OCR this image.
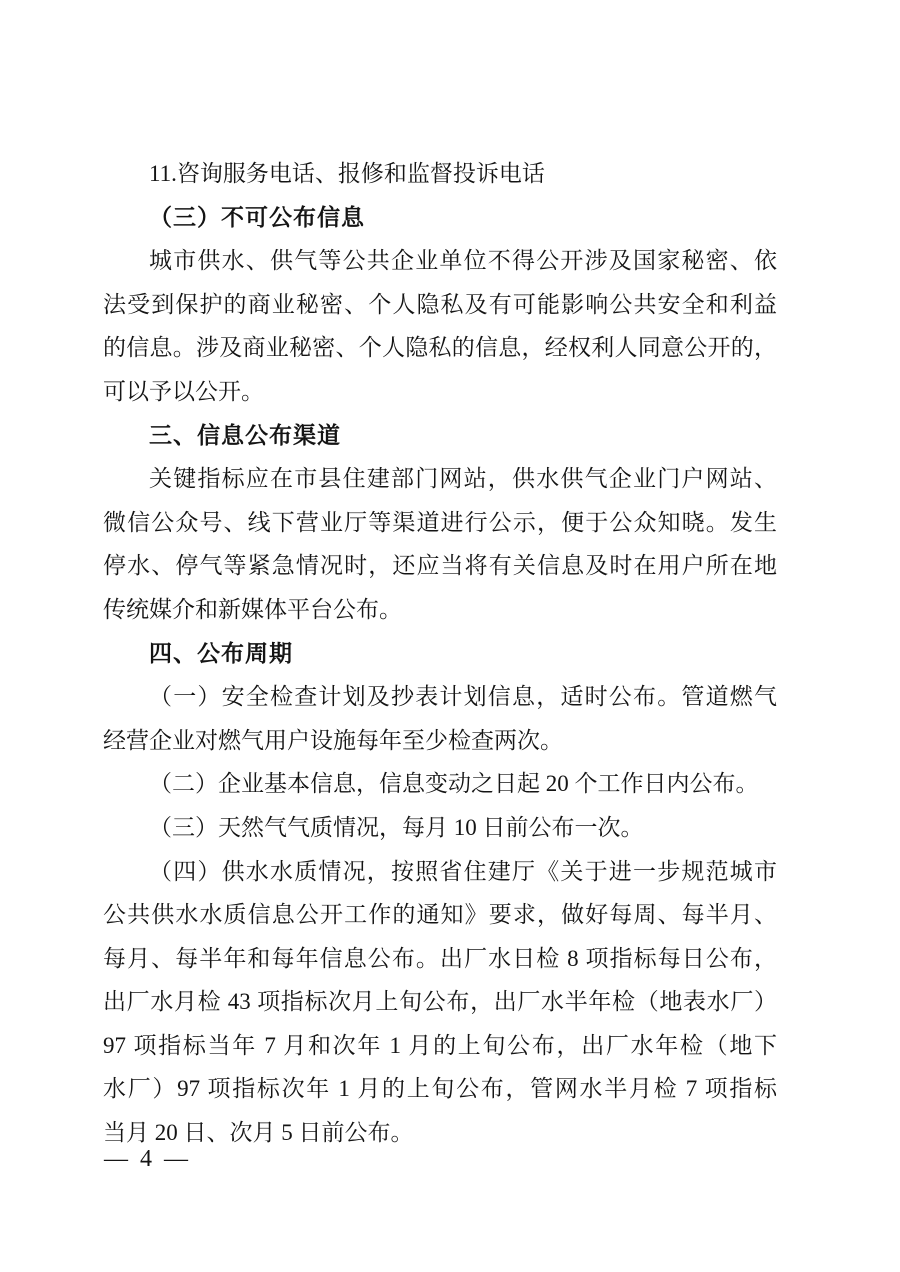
11.咨询服务电话、报修和监督投诉电话
（三）不可公布信息
城市供水、供气等公共企业单位不得公开涉及国家秘密、依
法受到保护的商业秘密、个人隐私及有可能影响公共安全和利益
的信息。涉及商业秘密、个人隐私的信息，经权利人同意公开的，
可以予以公开。
三、信息公布渠道
关键指标应在市县住建部门网站，供水供气企业门户网站、
微信公众号、线下营业厅等渠道进行公示，便于公众知晓。发生
停水、停气等紧急情况时，还应当将有关信息及时在用户所在地
传统媒介和新媒体平台公布。
四、公布周期
（一）安全检查计划及抄表计划信息，适时公布。管道燃气
经营企业对燃气用户设施每年至少检查两次。
（二）企业基本信息，信息变动之日起 20 个工作日内公布。
（三）天然气气质情况，每月 10 日前公布一次。
（四）供水水质情况，按照省住建厅《关于进一步规范城市
公共供水水质信息公开工作的通知》要求，做好每周、每半月、
每月、每半年和每年信息公布。出厂水日检 8 项指标每日公布，
出厂水月检 43 项指标次月上旬公布，出厂水半年检（地表水厂）
97 项指标当年 7 月和次年 1 月的上旬公布，出厂水年检（地下
水厂）97 项指标次年 1 月的上旬公布，管网水半月检 7 项指标
当月 20 日、次月 5 日前公布。
— 4 —
